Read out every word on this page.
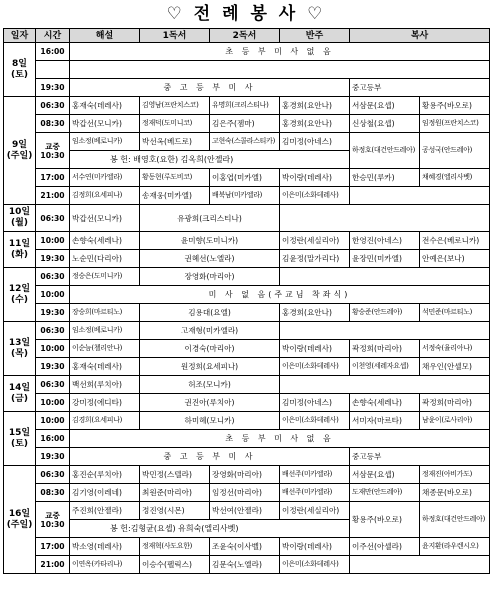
♡ 전 례 봉 사 ♡
일자	시간	해설	1독서	2독서	반주	복사	
8일
(토)	16:00	초 등 부 미 사 없 음					

	19:30	중 고 등 부 미 사				중고등부	
9일
(주일)	06:30	홍재숙(데레사)	김영남(프란치스코)	유명희(크리스티나)	홍경희(요안나)	서삼문(요셉)	황용주(바오로)
	08:30	박갑선(모니카)	정재덕(도미니코)	김은주(젬마)	홍경희(요안나)	신상철(요셉)	임정원(프란치스코)
	교중
10:30	임소정(베로니카)	박선옥(베드로)	고현숙(스콜라스티카)	김미정(아네스)	하정호(대건안드레아)	공성국(안드레아)
		봉 헌: 배영호(요한) 김옥희(안젤라)					
	17:00	서수연(미카엘라)	황동현(루도비코)	이홍엽(미카엘)	박이랑(데레사)	한승민(루카)	채혜경(엘리사벳)
	21:00	김정희(요세피나)	송재웅(미카엘)	배북남(미카엘라)	이은미(소화데레사)		
10일
(월)	06:30	박갑선(모니카)	유광희(크리스티나)				
11일
(화)	10:00	손향숙(세레나)	윤미향(도미니카)		이정란(세실리아)	한영진(아네스)	전수은(베로니카)
	19:30	노순민(다리아)	권혜선(노엘라)		김윤정(말가리다)	윤장민(미카엘)	안예은(보나)
12일
(수)	06:30	정승은(도미니카)	장영화(마리아)				
	10:00	미 사 없 음(주교님 착좌식)					
	19:30	장승희(마르티노)	김용대(요엘)		홍경희(요안나)	황승준(안드레아)	석민준(마르티노)
13일
(목)	06:30	임소정(베로니카)	고재형(미카엘라)				
	10:00	이순늠(첼리안나)	이경숙(마리아)		박이랑(데레사)	곽정희(마리아)	서정숙(율리아나)
	19:30	홍재숙(데레사)	원정희(요세피나)		이은미(소화데레사)	이천영(세레자요셉)	채우인(안셀모)
14일
(금)	06:30	백선희(루치아)	허조(모니카)				
	10:00	강미정(에디타)	권진아(루치아)		김미정(아네스)	손향숙(세레나)	곽정희(마리아)
15일
(토)	10:00	김경희(요세피나)	하미혜(모니카)		이은미(소화데레사)	서미자(마르타)	남윤이(로사리아)
	16:00	초 등 부 미 사 없 음					
	19:30	중 고 등 부 미 사				중고등부	
16일
(주일)	06:30	홍진순(루치아)	박민정(스텔라)	장영화(마리아)	배선주(미카엘라)	서삼문(요셉)	정재진(아비가도)
	08:30	김기영(이레네)	최원준(마리아)	임정선(마리아)	배선주(미카엘라)	도재만(안드레아)	채종문(바오로)
	교중
10:30	주진희(안젤라)	정진영(시몬)	박선여(안젤라)	이정란(세실리아)	황용주(바오로)	하정호(대건안드레아)
		봉 헌:김형균(요셉) 유희숙(엘리사벳)					
	17:00	박소영(데레사)	정재혁(사도요한)	조윤숙(이사벨)	박이랑(데레사)	이주선(아셀라)	윤지환(라우렌시오)
	21:00	이연옥(카타리나)	이승수(펠릭스)	김문숙(노엘라)	이은미(소화데레사)		
